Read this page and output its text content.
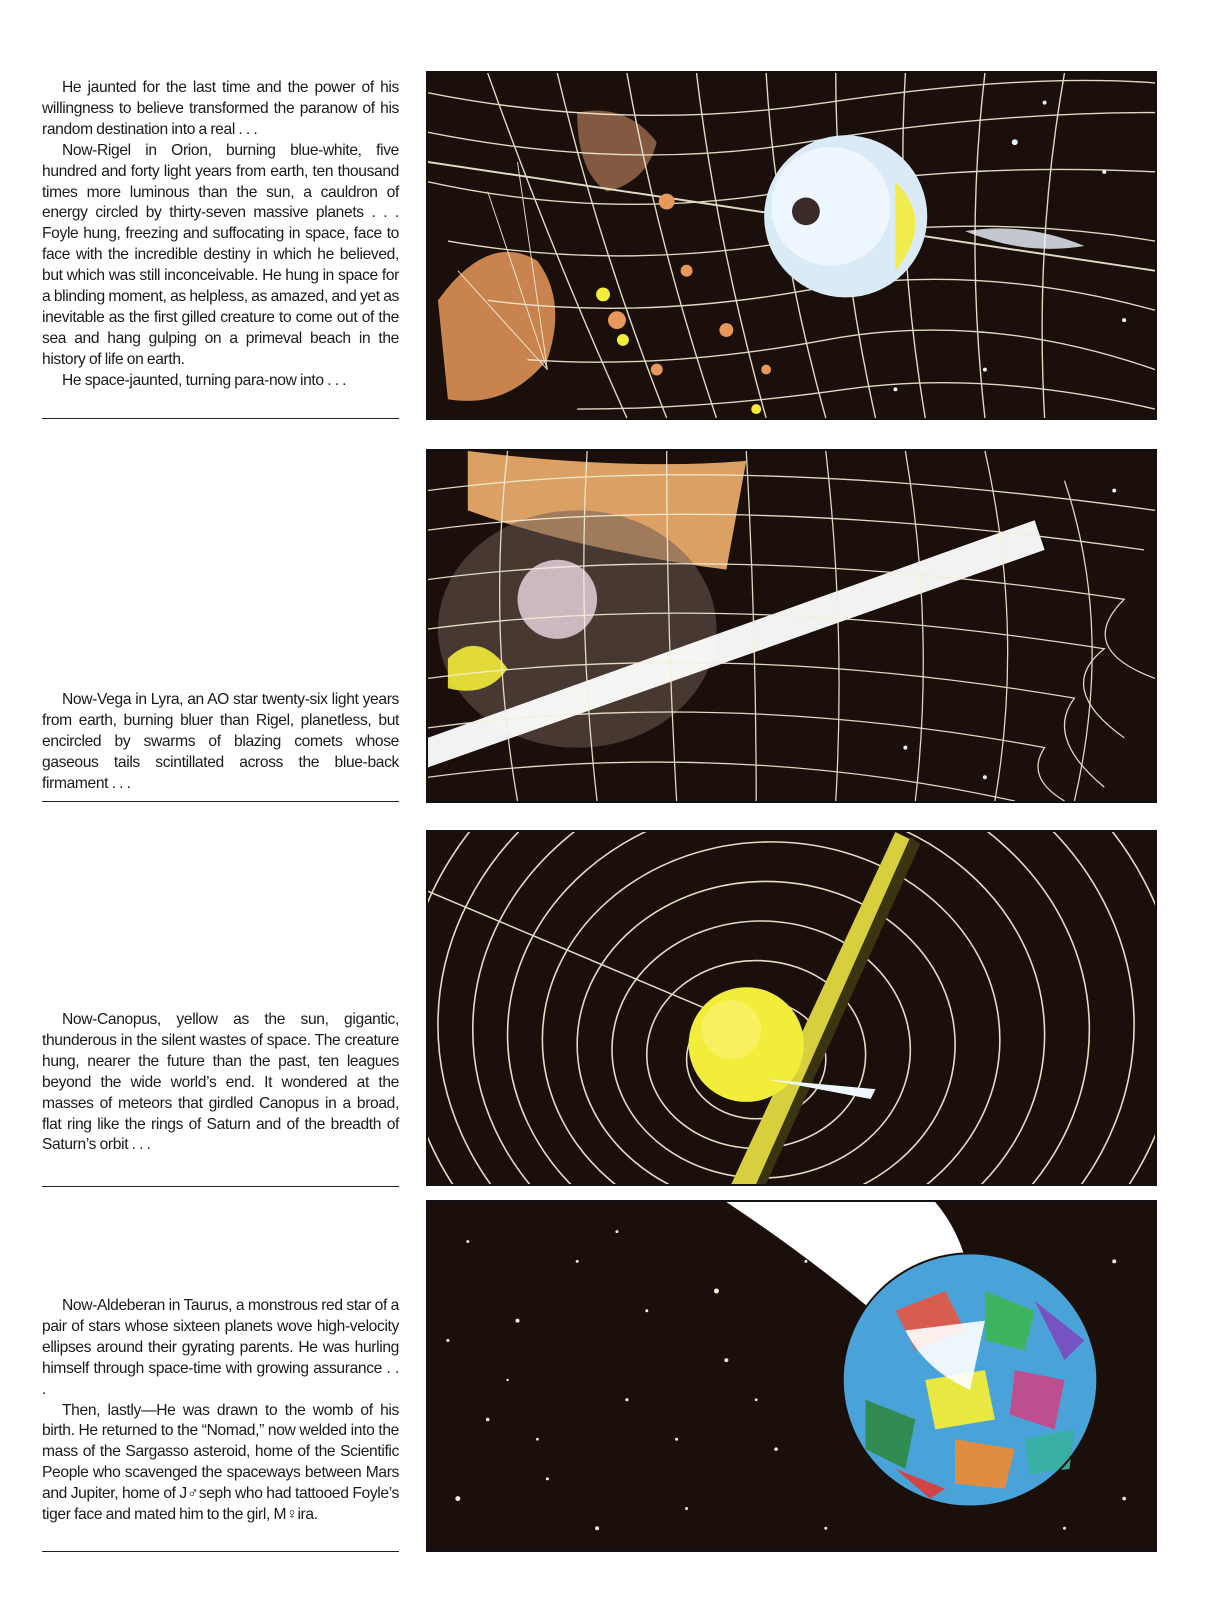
He jaunted for the last time and the power of his willingness to believe transformed the paranow of his random destination into a real . . .

Now-Rigel in Orion, burning blue-white, five hundred and forty light years from earth, ten thousand times more luminous than the sun, a cauldron of energy circled by thirty-seven massive planets . . . Foyle hung, freezing and suffocating in space, face to face with the incredible destiny in which he believed, but which was still inconceivable. He hung in space for a blinding moment, as helpless, as amazed, and yet as inevitable as the first gilled creature to come out of the sea and hang gulping on a primeval beach in the history of life on earth.

He space-jaunted, turning para-now into . . .

Now-Vega in Lyra, an AO star twenty-six light years from earth, burning bluer than Rigel, planetless, but encircled by swarms of blazing comets whose gaseous tails scintillated across the blue-back firmament . . .

Now-Canopus, yellow as the sun, gigantic, thunderous in the silent wastes of space. The creature hung, nearer the future than the past, ten leagues beyond the wide world’s end. It wondered at the masses of meteors that girdled Canopus in a broad, flat ring like the rings of Saturn and of the breadth of Saturn’s orbit . . .

Now-Aldeberan in Taurus, a monstrous red star of a pair of stars whose sixteen planets wove high-velocity ellipses around their gyrating parents. He was hurling himself through space-time with growing assurance . . .

Then, lastly—He was drawn to the womb of his birth. He returned to the “Nomad,” now welded into the mass of the Sargasso asteroid, home of the Scientific People who scavenged the spaceways between Mars and Jupiter, home of J♂seph who had tattooed Foyle’s tiger face and mated him to the girl, M♀ira.
